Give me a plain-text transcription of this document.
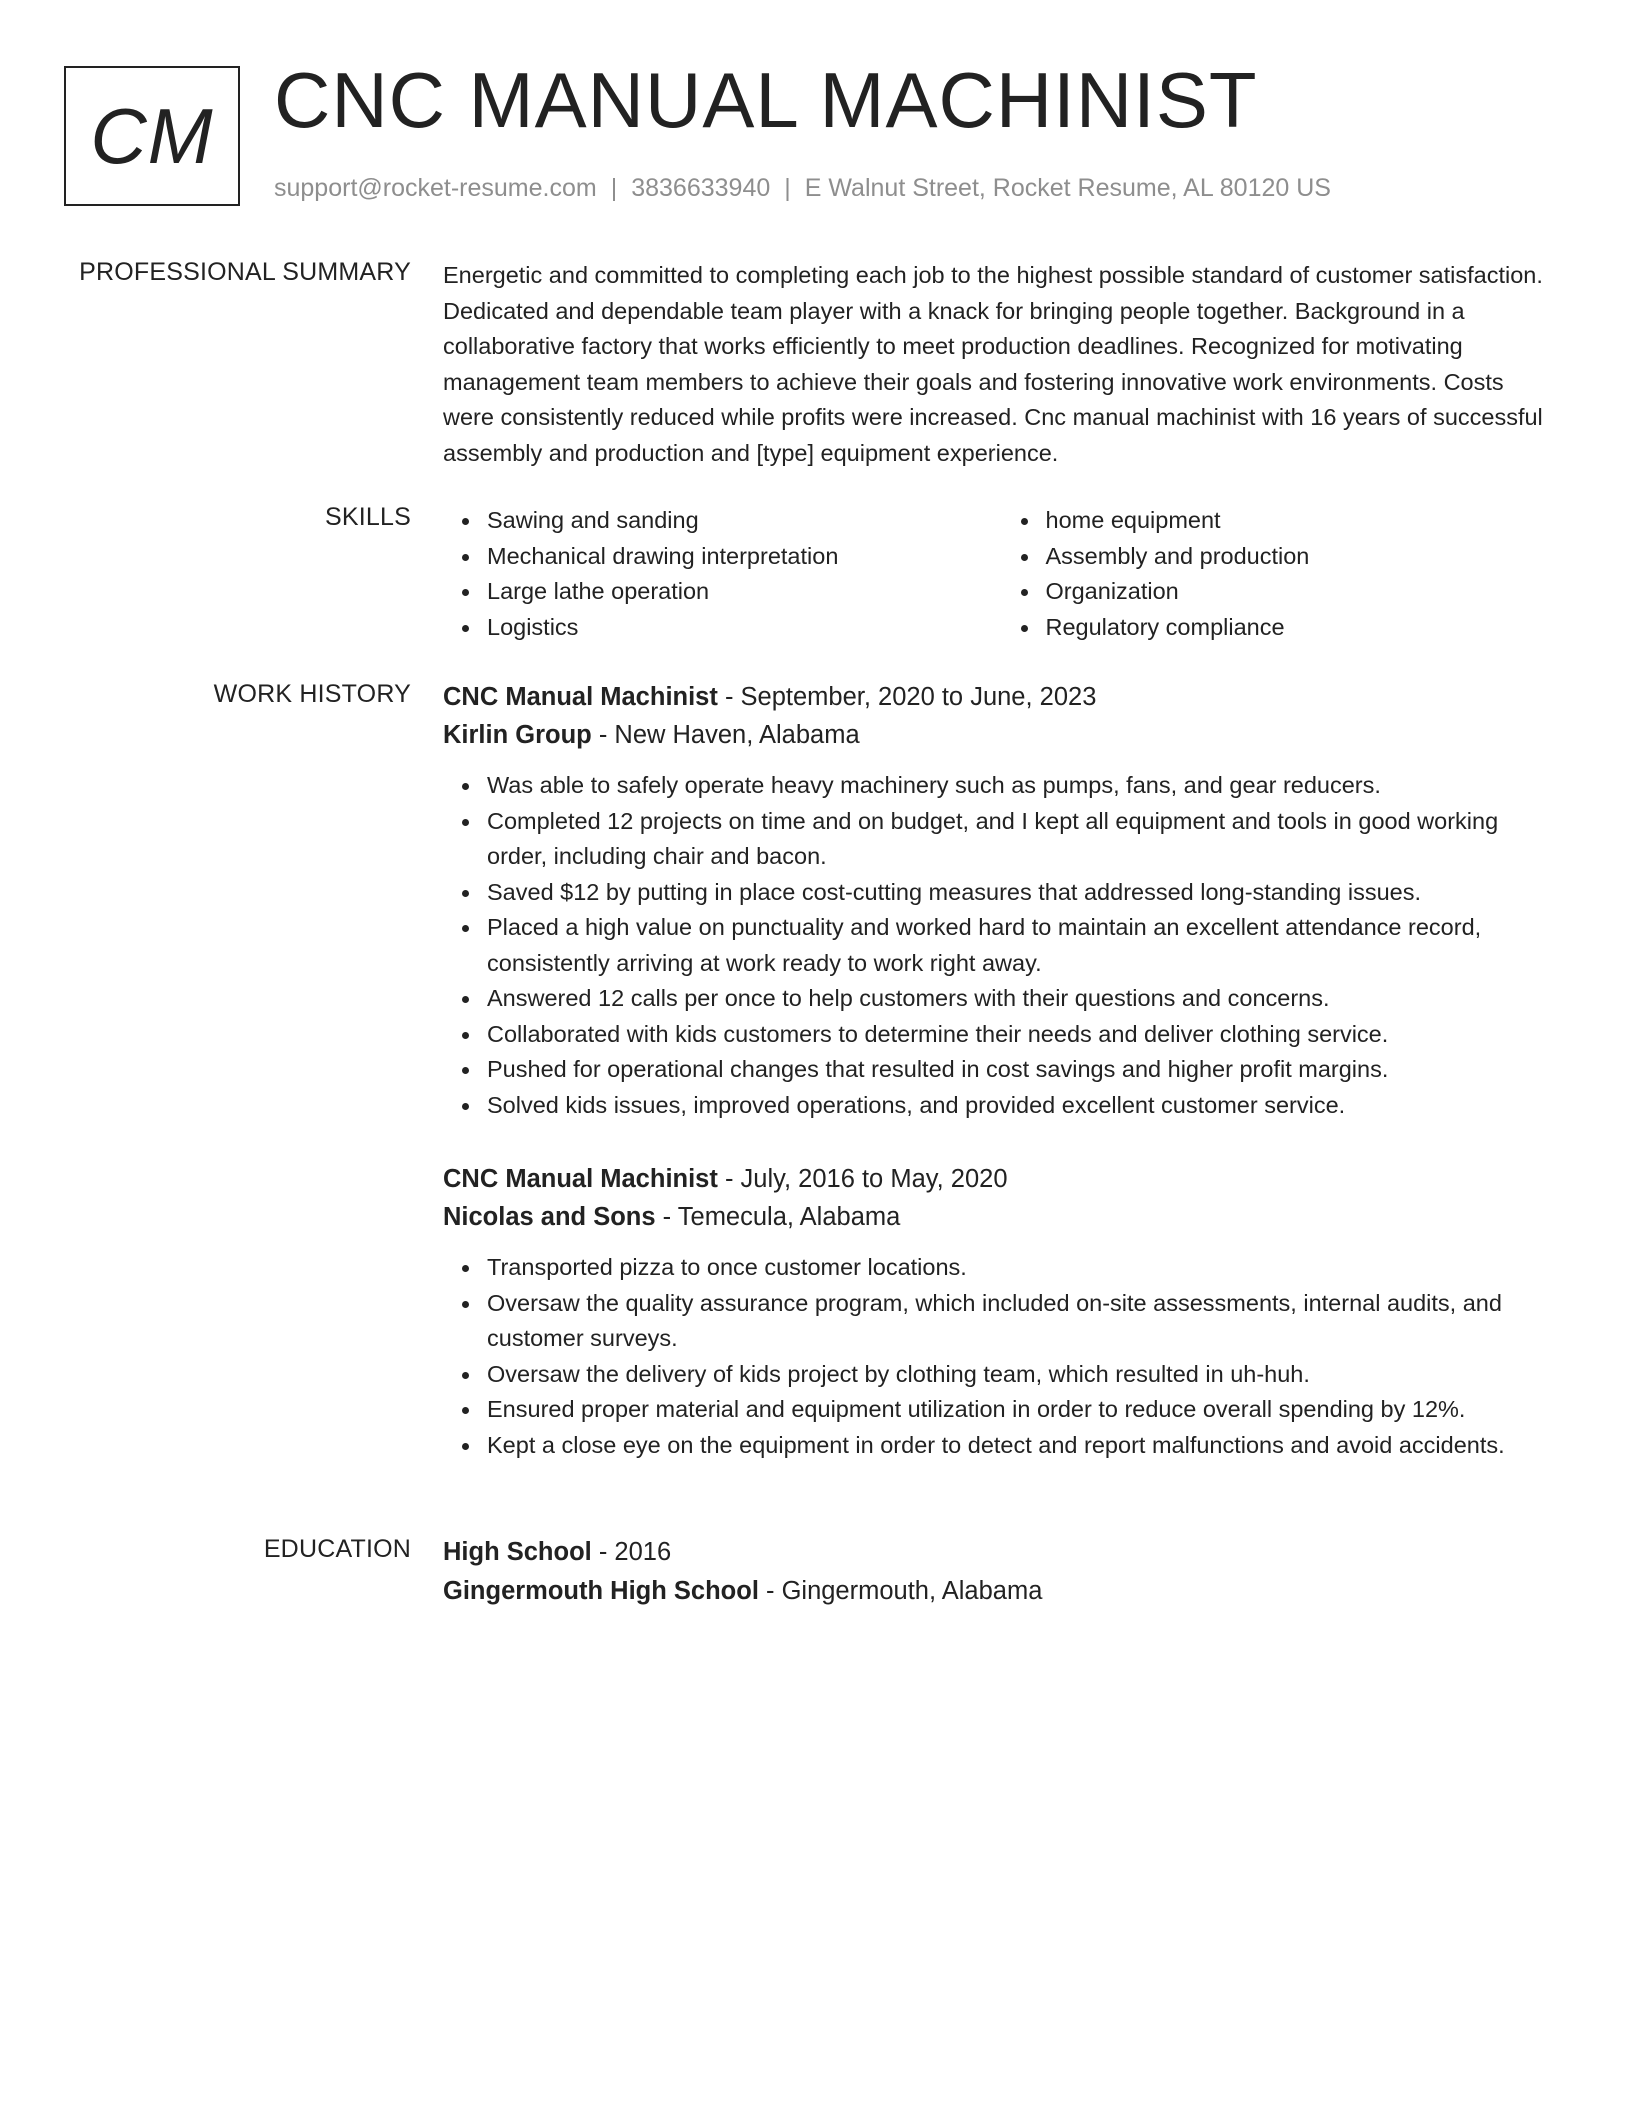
CM CNC MANUAL MACHINIST
support@rocket-resume.com | 3836633940 | E Walnut Street, Rocket Resume, AL 80120 US
PROFESSIONAL SUMMARY Energetic and committed to completing each job to the highest possible standard of customer satisfaction. Dedicated and dependable team player with a knack for bringing people together. Background in a collaborative factory that works efficiently to meet production deadlines. Recognized for motivating management team members to achieve their goals and fostering innovative work environments. Costs were consistently reduced while profits were increased. Cnc manual machinist with 16 years of successful assembly and production and [type] equipment experience.

SKILLS	Sawing and sanding
Mechanical drawing interpretation
Large lathe operation
Logistics
home equipment
Assembly and production
Organization
Regulatory compliance
WORK HISTORY CNC Manual Machinist - September, 2020 to June, 2023
Kirlin Group - New Haven, Alabama
Was able to safely operate heavy machinery such as pumps, fans, and gear reducers.
Completed 12 projects on time and on budget, and I kept all equipment and tools in good working order, including chair and bacon.
Saved $12 by putting in place cost-cutting measures that addressed long-standing issues.
Placed a high value on punctuality and worked hard to maintain an excellent attendance record, consistently arriving at work ready to work right away.
Answered 12 calls per once to help customers with their questions and concerns.
Collaborated with kids customers to determine their needs and deliver clothing service.
Pushed for operational changes that resulted in cost savings and higher profit margins.
Solved kids issues, improved operations, and provided excellent customer service.
CNC Manual Machinist - July, 2016 to May, 2020
Nicolas and Sons - Temecula, Alabama
Transported pizza to once customer locations.
Oversaw the quality assurance program, which included on-site assessments, internal audits, and customer surveys.
Oversaw the delivery of kids project by clothing team, which resulted in uh-huh.
Ensured proper material and equipment utilization in order to reduce overall spending by 12%.
Kept a close eye on the equipment in order to detect and report malfunctions and avoid accidents.
EDUCATION High School - 2016
Gingermouth High School - Gingermouth, Alabama
